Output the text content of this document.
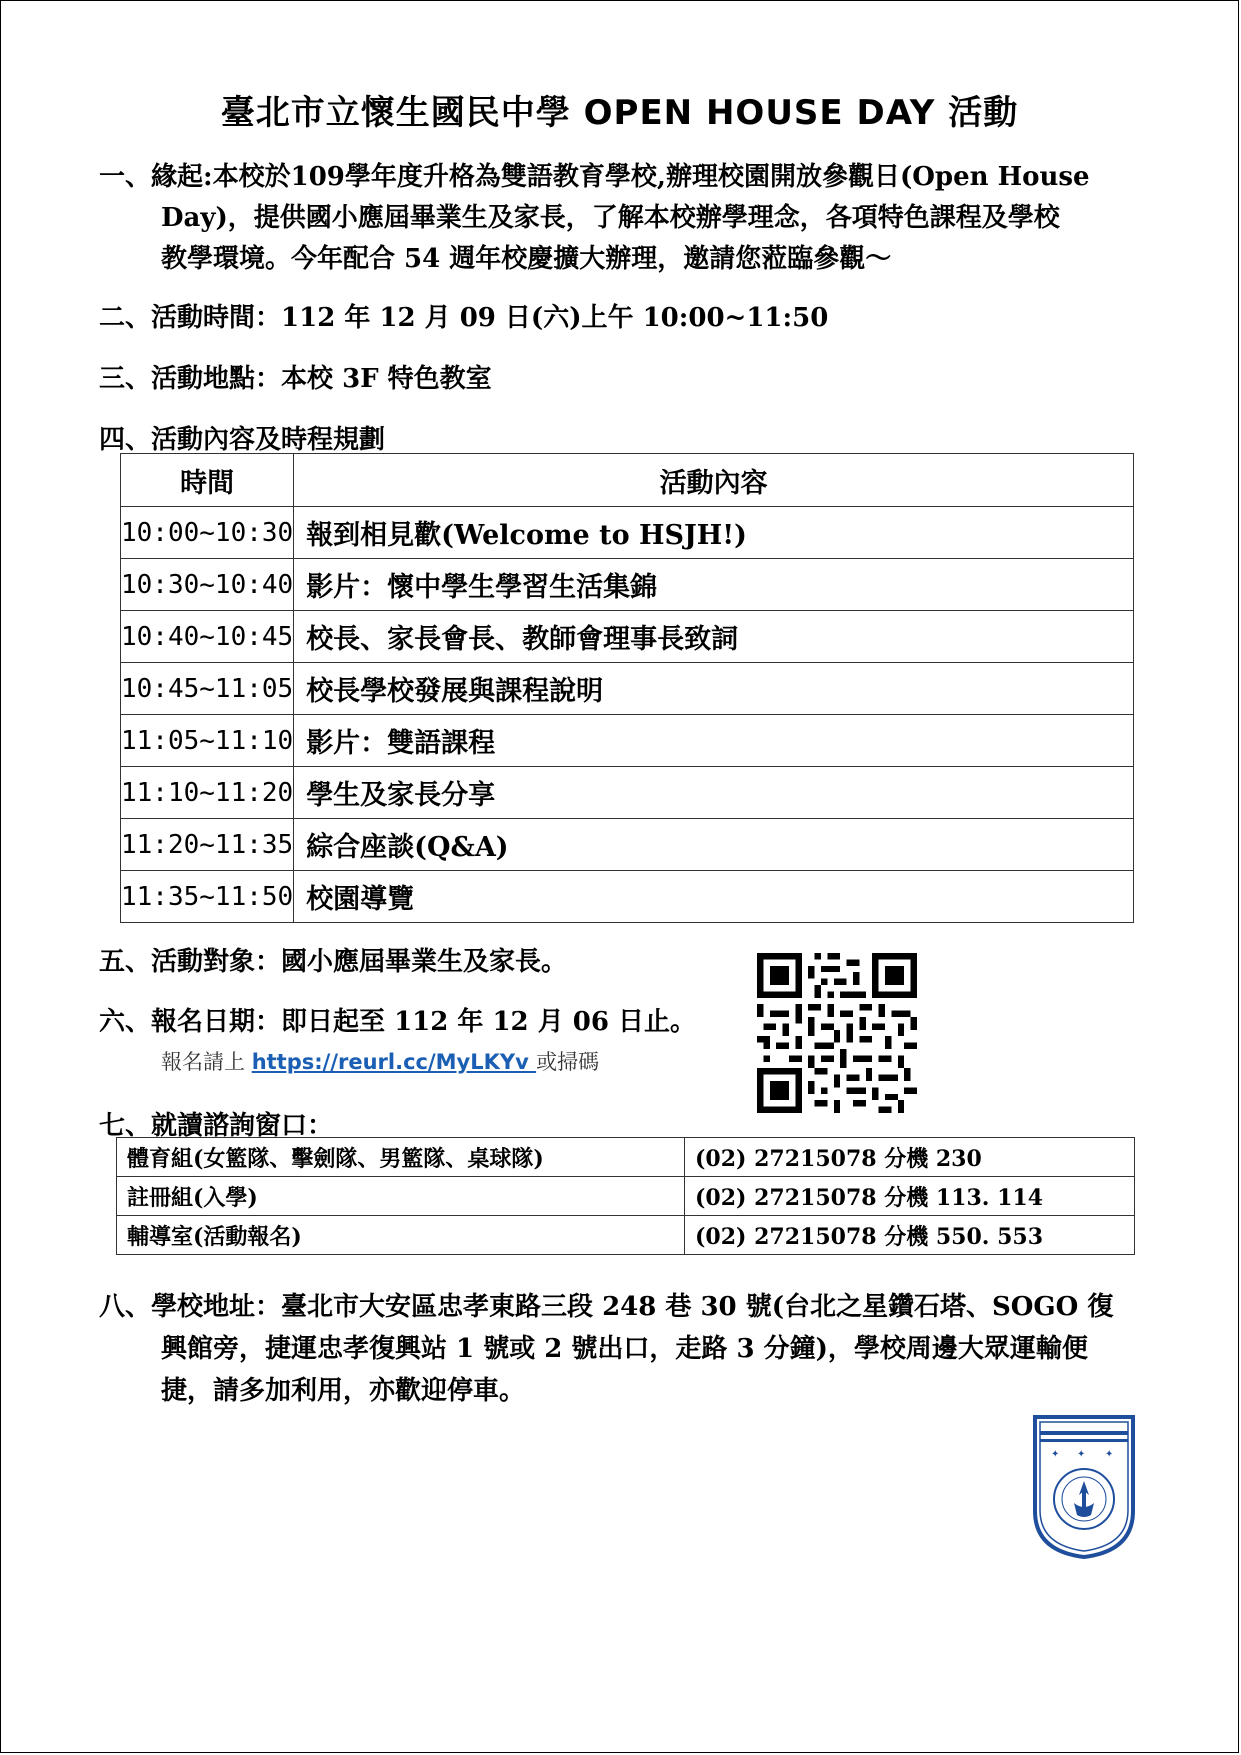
臺北市立懷生國民中學 OPEN HOUSE DAY 活動
一、緣起:本校於109學年度升格為雙語教育學校,辦理校園開放參觀日(Open House
Day)，提供國小應屆畢業生及家長，了解本校辦學理念，各項特色課程及學校
教學環境。今年配合 54 週年校慶擴大辦理，邀請您蒞臨參觀～
二、活動時間：112 年 12 月 09 日(六)上午 10:00~11:50
三、活動地點：本校 3F 特色教室
四、活動內容及時程規劃
時間	活動內容
10:00~10:30	報到相見歡(Welcome to HSJH!)
10:30~10:40	影片：懷中學生學習生活集錦
10:40~10:45	校長、家長會長、教師會理事長致詞
10:45~11:05	校長學校發展與課程說明
11:05~11:10	影片：雙語課程
11:10~11:20	學生及家長分享
11:20~11:35	綜合座談(Q&A)
11:35~11:50	校園導覽
五、活動對象：國小應屆畢業生及家長。
六、報名日期：即日起至 112 年 12 月 06 日止。
報名請上 https://reurl.cc/MyLKYv 或掃碼
七、就讀諮詢窗口：
體育組(女籃隊、擊劍隊、男籃隊、桌球隊)	(02) 27215078 分機 230
註冊組(入學)	(02) 27215078 分機 113. 114
輔導室(活動報名)	(02) 27215078 分機 550. 553
八、學校地址：臺北市大安區忠孝東路三段 248 巷 30 號(台北之星鑽石塔、SOGO 復
興館旁，捷運忠孝復興站 1 號或 2 號出口，走路 3 分鐘)，學校周邊大眾運輸便
捷，請多加利用，亦歡迎停車。
✦ ✦ ✦
